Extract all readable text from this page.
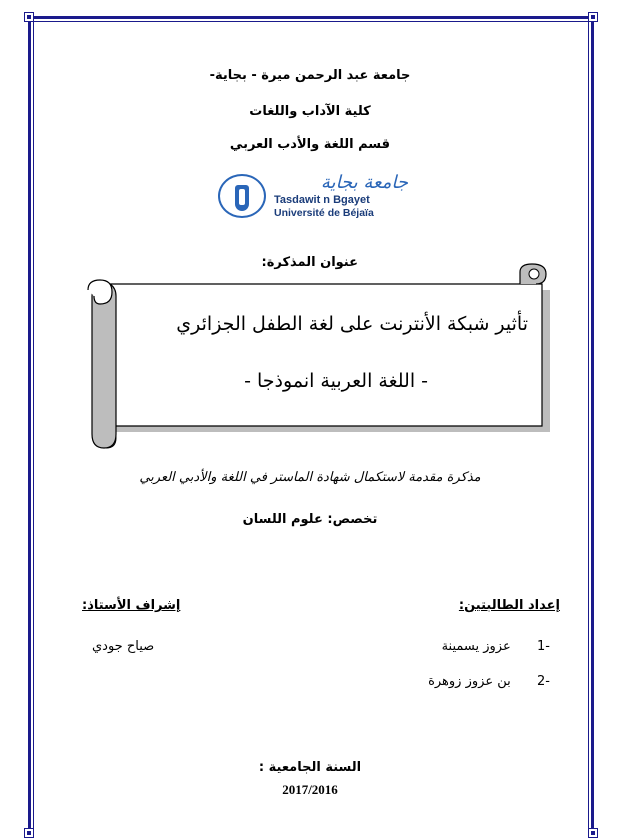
جامعة عبد الرحمن ميرة - بجاية-
كلية الآداب واللغات
قسم اللغة والأدب العربي
جامعة بجاية
Tasdawit n Bgayet
Université de Béjaïa
عنوان المذكرة:
تأثير شبكة الأنترنت على لغة الطفل الجزائري
- اللغة العربية انموذجا -
مذكرة مقدمة لاستكمال شهادة الماستر في اللغة والأدبي العربي
تخصص: علوم اللسان
إعداد الطالبتين:
-1  عزوز يسمينة
-2  بن عزوز زوهرة
إشراف الأستاذ:
صياح جودي
السنة الجامعية :
2017/2016
